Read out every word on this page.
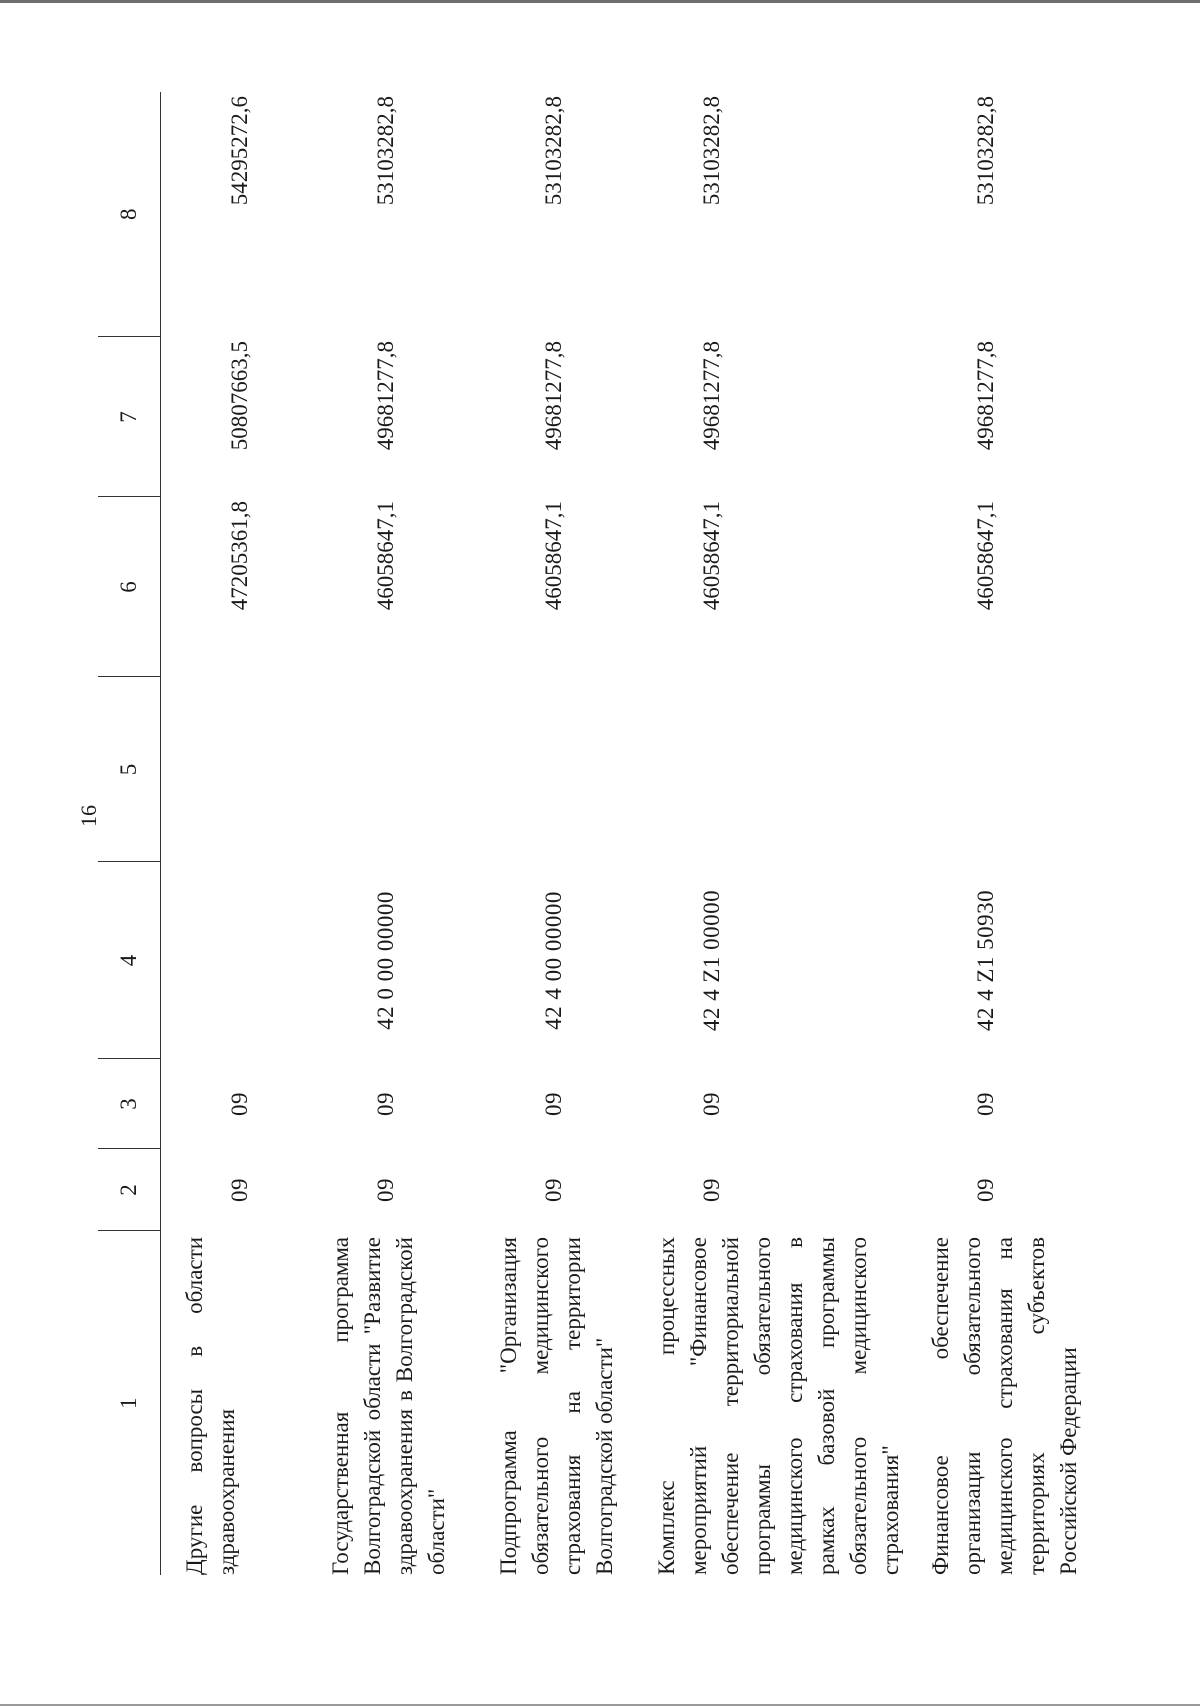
16
1	2	3	4	5	6	7	8

Другие вопросы в области здравоохранения	09	09			47205361,8	50807663,5	54295272,6

Государственная программа Волгоградской области "Развитие здравоохранения в Волгоградской области"	09	09	42 0 00 00000		46058647,1	49681277,8	53103282,8

Подпрограмма "Организация обязательного медицинского страхования на территории Волгоградской области"	09	09	42 4 00 00000		46058647,1	49681277,8	53103282,8

Комплекс процессных мероприятий "Финансовое обеспечение территориальной программы обязательного медицинского страхования в рамках базовой программы обязательного медицинского страхования"	09	09	42 4 Z1 00000		46058647,1	49681277,8	53103282,8

Финансовое обеспечение организации обязательного медицинского страхования на территориях субъектов Российской Федерации	09	09	42 4 Z1 50930		46058647,1	49681277,8	53103282,8
